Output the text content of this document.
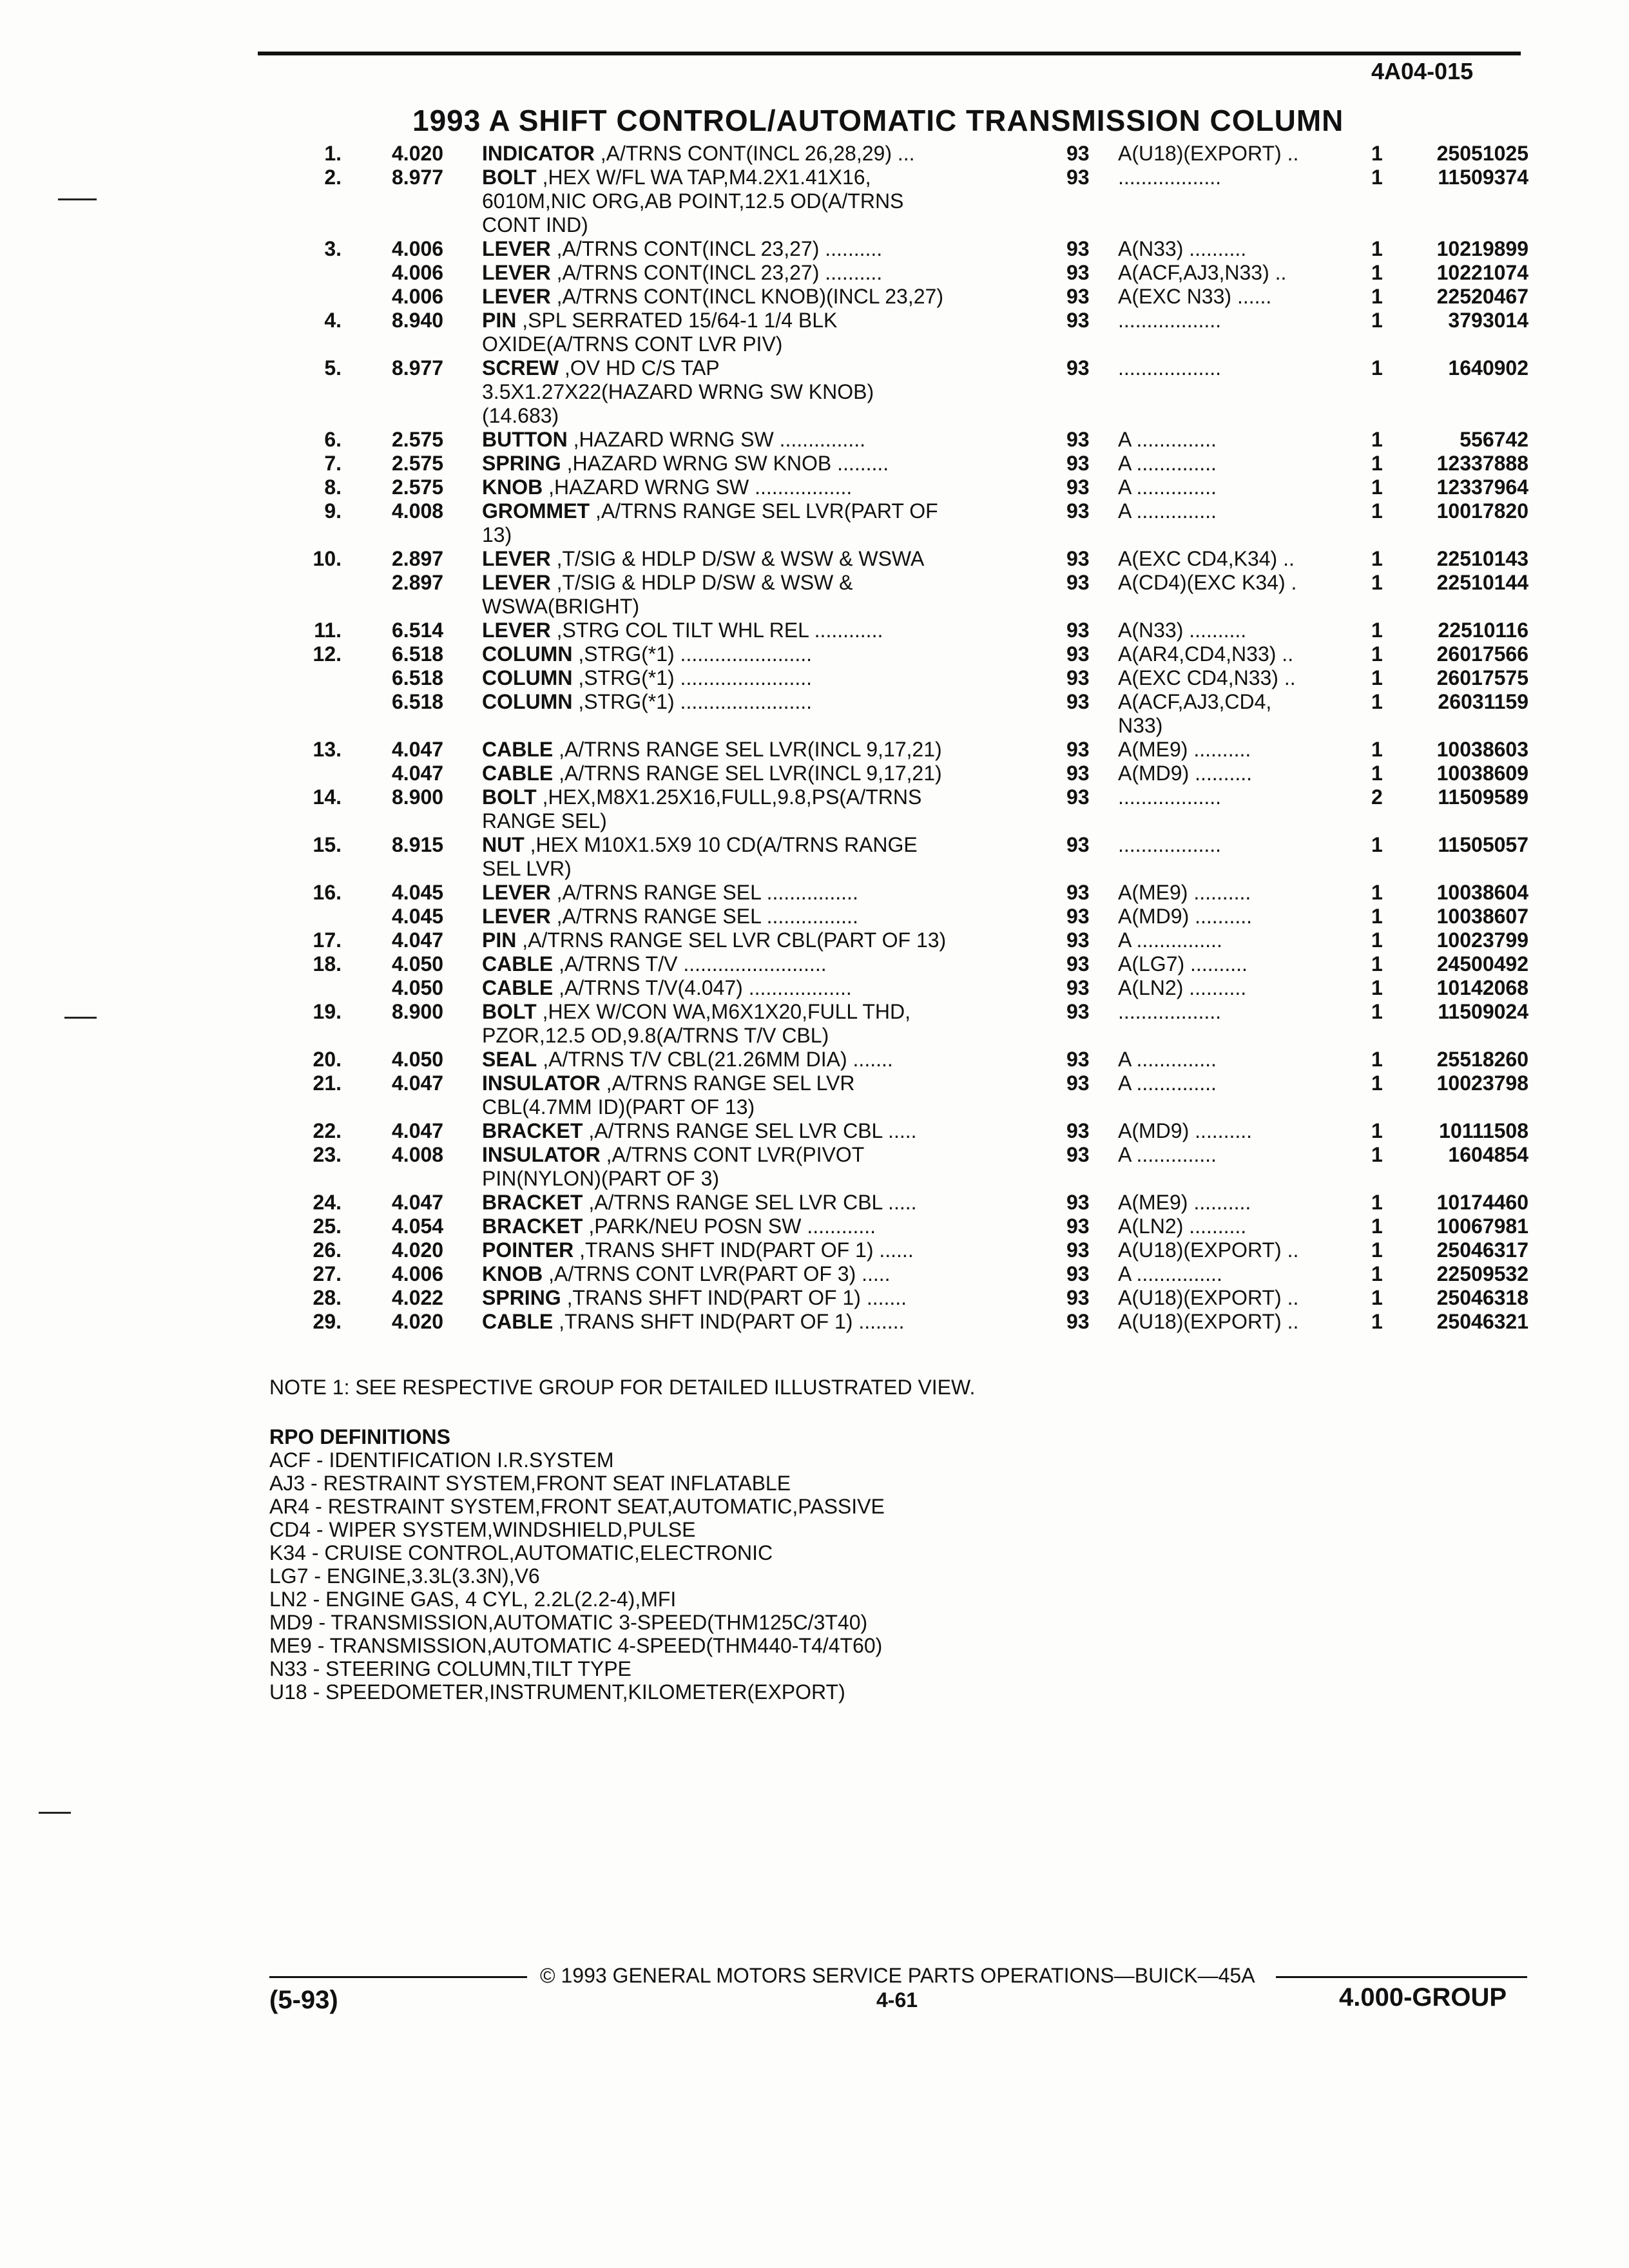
4A04-015
1993 A SHIFT CONTROL/AUTOMATIC TRANSMISSION COLUMN
1. 4.020 INDICATOR ,A/TRNS CONT(INCL 26,28,29) ...	93 A(U18)(EXPORT) ..	1	25051025
2. 8.977 BOLT ,HEX W/FL WA TAP,M4.2X1.41X16,	93 ..................	1	11509374
6010M,NIC ORG,AB POINT,12.5 OD(A/TRNS
CONT IND)
3. 4.006 LEVER ,A/TRNS CONT(INCL 23,27) ..........	93 A(N33) ..........	1	10219899
4.006 LEVER ,A/TRNS CONT(INCL 23,27) ..........	93 A(ACF,AJ3,N33) ..	1	10221074
4.006 LEVER ,A/TRNS CONT(INCL KNOB)(INCL 23,27)	93 A(EXC N33) ......	1	22520467
4. 8.940 PIN ,SPL SERRATED 15/64-1 1/4 BLK	93 ..................	1	3793014
OXIDE(A/TRNS CONT LVR PIV)
5. 8.977 SCREW ,OV HD C/S TAP	93 ..................	1	1640902
3.5X1.27X22(HAZARD WRNG SW KNOB)
(14.683)
6. 2.575 BUTTON ,HAZARD WRNG SW ...............	93 A ..............	1	556742
7. 2.575 SPRING ,HAZARD WRNG SW KNOB .........	93 A ..............	1	12337888
8. 2.575 KNOB ,HAZARD WRNG SW .................	93 A ..............	1	12337964
9. 4.008 GROMMET ,A/TRNS RANGE SEL LVR(PART OF	93 A ..............	1	10017820
13)
10. 2.897 LEVER ,T/SIG & HDLP D/SW & WSW & WSWA	93 A(EXC CD4,K34) ..	1	22510143
2.897 LEVER ,T/SIG & HDLP D/SW & WSW &	93 A(CD4)(EXC K34) .	1	22510144
WSWA(BRIGHT)
11. 6.514 LEVER ,STRG COL TILT WHL REL ............	93 A(N33) ..........	1	22510116
12. 6.518 COLUMN ,STRG(*1) .......................	93 A(AR4,CD4,N33) ..	1	26017566
6.518 COLUMN ,STRG(*1) .......................	93 A(EXC CD4,N33) ..	1	26017575
6.518 COLUMN ,STRG(*1) .......................	93 A(ACF,AJ3,CD4,	1	26031159
N33)
13. 4.047 CABLE ,A/TRNS RANGE SEL LVR(INCL 9,17,21)	93 A(ME9) ..........	1	10038603
4.047 CABLE ,A/TRNS RANGE SEL LVR(INCL 9,17,21)	93 A(MD9) ..........	1	10038609
14. 8.900 BOLT ,HEX,M8X1.25X16,FULL,9.8,PS(A/TRNS	93 ..................	2	11509589
RANGE SEL)
15. 8.915 NUT ,HEX M10X1.5X9 10 CD(A/TRNS RANGE	93 ..................	1	11505057
SEL LVR)
16. 4.045 LEVER ,A/TRNS RANGE SEL ................	93 A(ME9) ..........	1	10038604
4.045 LEVER ,A/TRNS RANGE SEL ................	93 A(MD9) ..........	1	10038607
17. 4.047 PIN ,A/TRNS RANGE SEL LVR CBL(PART OF 13)	93 A ...............	1	10023799
18. 4.050 CABLE ,A/TRNS T/V .........................	93 A(LG7) ..........	1	24500492
4.050 CABLE ,A/TRNS T/V(4.047) ..................	93 A(LN2) ..........	1	10142068
19. 8.900 BOLT ,HEX W/CON WA,M6X1X20,FULL THD,	93 ..................	1	11509024
PZOR,12.5 OD,9.8(A/TRNS T/V CBL)
20. 4.050 SEAL ,A/TRNS T/V CBL(21.26MM DIA) .......	93 A ..............	1	25518260
21. 4.047 INSULATOR ,A/TRNS RANGE SEL LVR	93 A ..............	1	10023798
CBL(4.7MM ID)(PART OF 13)
22. 4.047 BRACKET ,A/TRNS RANGE SEL LVR CBL .....	93 A(MD9) ..........	1	10111508
23. 4.008 INSULATOR ,A/TRNS CONT LVR(PIVOT	93 A ..............	1	1604854
PIN(NYLON)(PART OF 3)
24. 4.047 BRACKET ,A/TRNS RANGE SEL LVR CBL .....	93 A(ME9) ..........	1	10174460
25. 4.054 BRACKET ,PARK/NEU POSN SW ............	93 A(LN2) ..........	1	10067981
26. 4.020 POINTER ,TRANS SHFT IND(PART OF 1) ......	93 A(U18)(EXPORT) ..	1	25046317
27. 4.006 KNOB ,A/TRNS CONT LVR(PART OF 3) .....	93 A ...............	1	22509532
28. 4.022 SPRING ,TRANS SHFT IND(PART OF 1) .......	93 A(U18)(EXPORT) ..	1	25046318
29. 4.020 CABLE ,TRANS SHFT IND(PART OF 1) ........	93 A(U18)(EXPORT) ..	1	25046321
NOTE 1: SEE RESPECTIVE GROUP FOR DETAILED ILLUSTRATED VIEW.
RPO DEFINITIONS
ACF - IDENTIFICATION I.R.SYSTEM
AJ3 - RESTRAINT SYSTEM,FRONT SEAT INFLATABLE
AR4 - RESTRAINT SYSTEM,FRONT SEAT,AUTOMATIC,PASSIVE
CD4 - WIPER SYSTEM,WINDSHIELD,PULSE
K34 - CRUISE CONTROL,AUTOMATIC,ELECTRONIC
LG7 - ENGINE,3.3L(3.3N),V6
LN2 - ENGINE GAS, 4 CYL, 2.2L(2.2-4),MFI
MD9 - TRANSMISSION,AUTOMATIC 3-SPEED(THM125C/3T40)
ME9 - TRANSMISSION,AUTOMATIC 4-SPEED(THM440-T4/4T60)
N33 - STEERING COLUMN,TILT TYPE
U18 - SPEEDOMETER,INSTRUMENT,KILOMETER(EXPORT)
© 1993 GENERAL MOTORS SERVICE PARTS OPERATIONS—BUICK—45A
(5-93)	4-61	4.000-GROUP
